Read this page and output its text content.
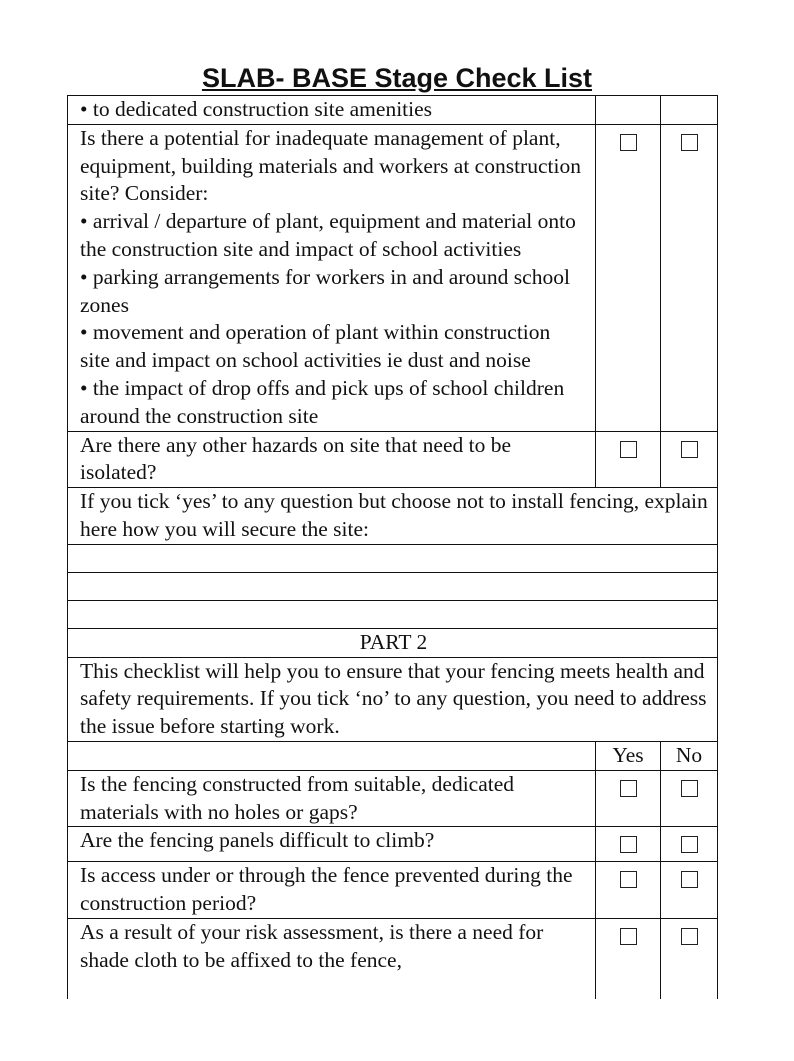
SLAB- BASE Stage Check List
• to dedicated construction site amenities		

Is there a potential for inadequate management of plant, equipment, building materials and workers at construction site? Consider:
• arrival / departure of plant, equipment and material onto the construction site and impact of school activities
• parking arrangements for workers in and around school zones
• movement and operation of plant within construction site and impact on school activities ie dust and noise
• the impact of drop offs and pick ups of school children around the construction site		

Are there any other hazards on site that need to be isolated?		
If you tick ‘yes’ to any question but choose not to install fencing, explain here how you will secure the site:		

PART 2		
This checklist will help you to ensure that your fencing meets health and safety requirements. If you tick ‘no’ to any question, you need to address the issue before starting work.		
	Yes	No
Is the fencing constructed from suitable, dedicated materials with no holes or gaps?		
Are the fencing panels difficult to climb?		
Is access under or through the fence prevented during the construction period?		
As a result of your risk assessment, is there a need for shade cloth to be affixed to the fence,		
